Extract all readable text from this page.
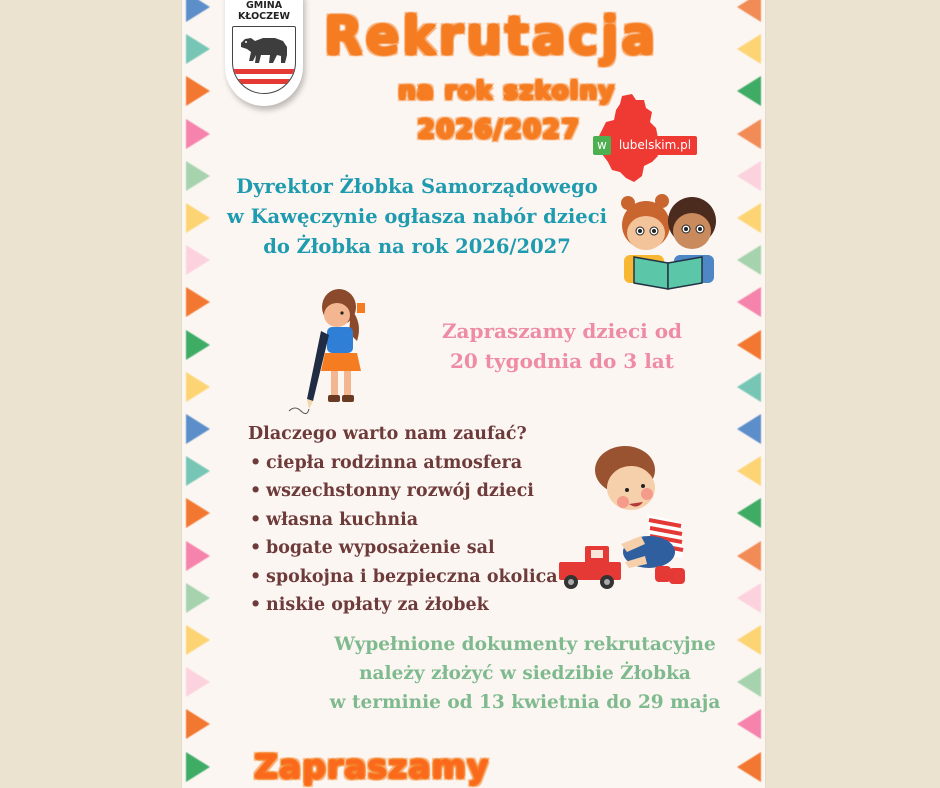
GMINA
KŁOCZEW Rekrutacja
na rok szkolny
2026/2027	w	lubelskim.pl
Dyrektor Żłobka Samorządowego
w Kawęczynie ogłasza nabór dzieci
do Żłobka na rok 2026/2027
Zapraszamy dzieci od
20 tygodnia do 3 lat
Dlaczego warto nam zaufać?
• ciepła rodzinna atmosfera
• wszechstonny rozwój dzieci
• własna kuchnia
• bogate wyposażenie sal
• spokojna i bezpieczna okolica
• niskie opłaty za żłobek
Wypełnione dokumenty rekrutacyjne
należy złożyć w siedzibie Żłobka
w terminie od 13 kwietnia do 29 maja
Zapraszamy
